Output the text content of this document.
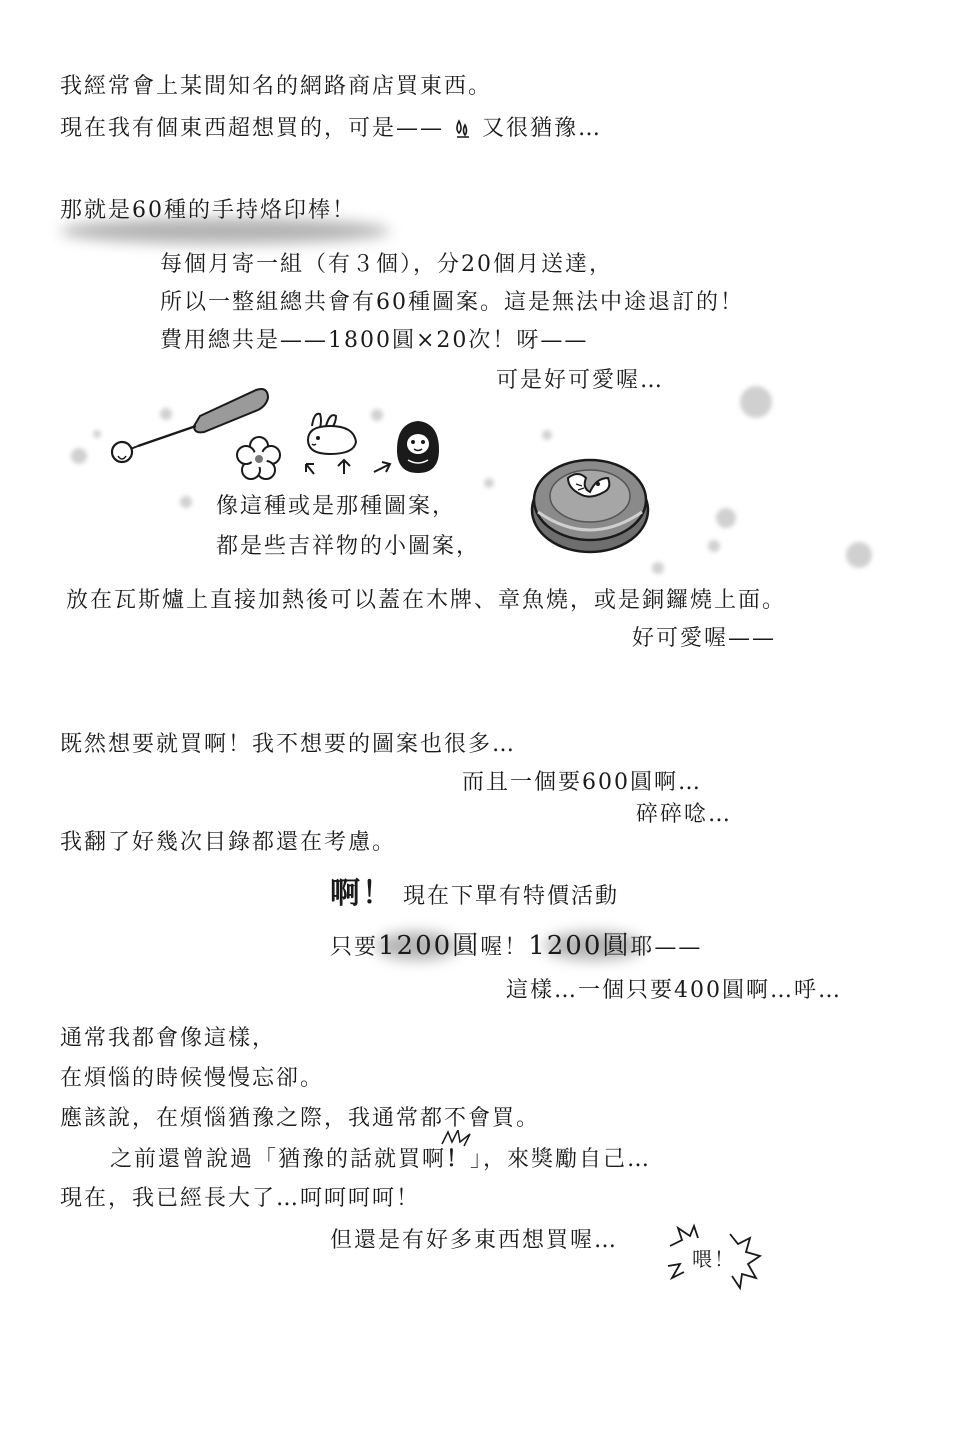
我經常會上某間知名的網路商店買東西。
現在我有個東西超想買的，可是—— 又很猶豫…
那就是60種的手持烙印棒！
每個月寄一組（有３個），分20個月送達，
所以一整組總共會有60種圖案。這是無法中途退訂的！
費用總共是——1800圓×20次！呀——
可是好可愛喔…
像這種或是那種圖案，
都是些吉祥物的小圖案，
放在瓦斯爐上直接加熱後可以蓋在木牌、章魚燒，或是銅鑼燒上面。
好可愛喔——
既然想要就買啊！我不想要的圖案也很多…
而且一個要600圓啊…
碎碎唸…
我翻了好幾次目錄都還在考慮。
啊！ 現在下單有特價活動
只要1200圓喔！1200圓耶——
這樣…一個只要400圓啊…呼…
通常我都會像這樣，
在煩惱的時候慢慢忘卻。
應該說，在煩惱猶豫之際，我通常都不會買。
之前還曾說過「猶豫的話就買啊
！」，來獎勵自己…
現在，我已經長大了…呵呵呵呵！
但還是有好多東西想買喔…
喂！
